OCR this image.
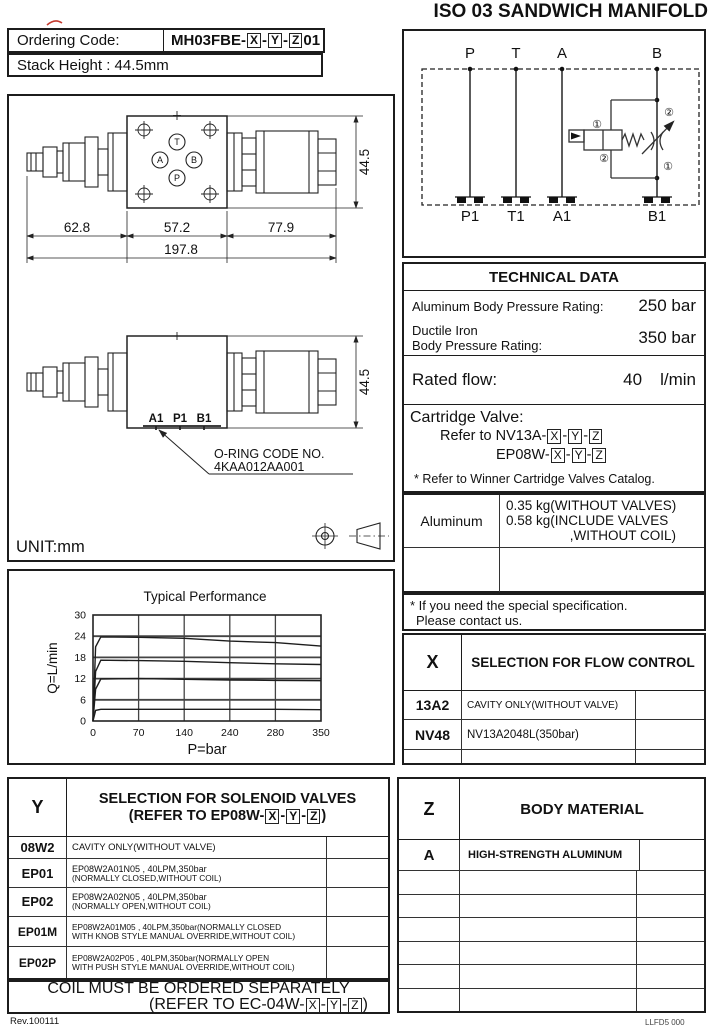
ISO 03 SANDWICH MANIFOLD
Ordering Code:	MH03FBE- X - Y - Z 01
Stack Height : 44.5mm
T
A	B
P
62.8	57.2	77.9
197.8
44.5
A1 P1 B1
44.5
O-RING CODE NO.
4KAA012AA001
UNIT:mm
Typical Performance
Q=L/min
P=bar
0
6
12
18
24
30
0	70	140	240	280	350
P T A	B
P1 T1 A1	B1
①
②
②
①
TECHNICAL DATA
Aluminum Body Pressure Rating: 250 bar
Ductile Iron
Body Pressure Rating:	350 bar
Rated flow:	40 l/min
Cartridge Valve:
Refer to NV13A- X - Y - Z
EP08W- X - Y - Z
* Refer to Winner Cartridge Valves Catalog.
Aluminum
0.35 kg(WITHOUT VALVES)
0.58 kg(INCLUDE VALVES
,WITHOUT COIL)
* If you need the special specification.
Please contact us.
X	SELECTION FOR FLOW CONTROL
13A2	CAVITY ONLY(WITHOUT VALVE)
NV48	NV13A2048L(350bar)
Y	SELECTION FOR SOLENOID VALVES
(REFER TO EP08W- X - Y - Z )
08W2	CAVITY ONLY(WITHOUT VALVE)
EP01	EP08W2A01N05 , 40LPM,350bar
(NORMALLY CLOSED,WITHOUT COIL)
EP02	EP08W2A02N05 , 40LPM,350bar
(NORMALLY OPEN,WITHOUT COIL)
EP01M	EP08W2A01M05 , 40LPM,350bar(NORMALLY CLOSED
WITH KNOB STYLE MANUAL OVERRIDE,WITHOUT COIL)
EP02P	EP08W2A02P05 , 40LPM,350bar(NORMALLY OPEN
WITH PUSH STYLE MANUAL OVERRIDE,WITHOUT COIL)
COIL MUST BE ORDERED SEPARATELY
(REFER TO EC-04W- X - Y - Z )
Z	BODY MATERIAL
A	HIGH-STRENGTH ALUMINUM
Rev.100111	LLFD5 000
